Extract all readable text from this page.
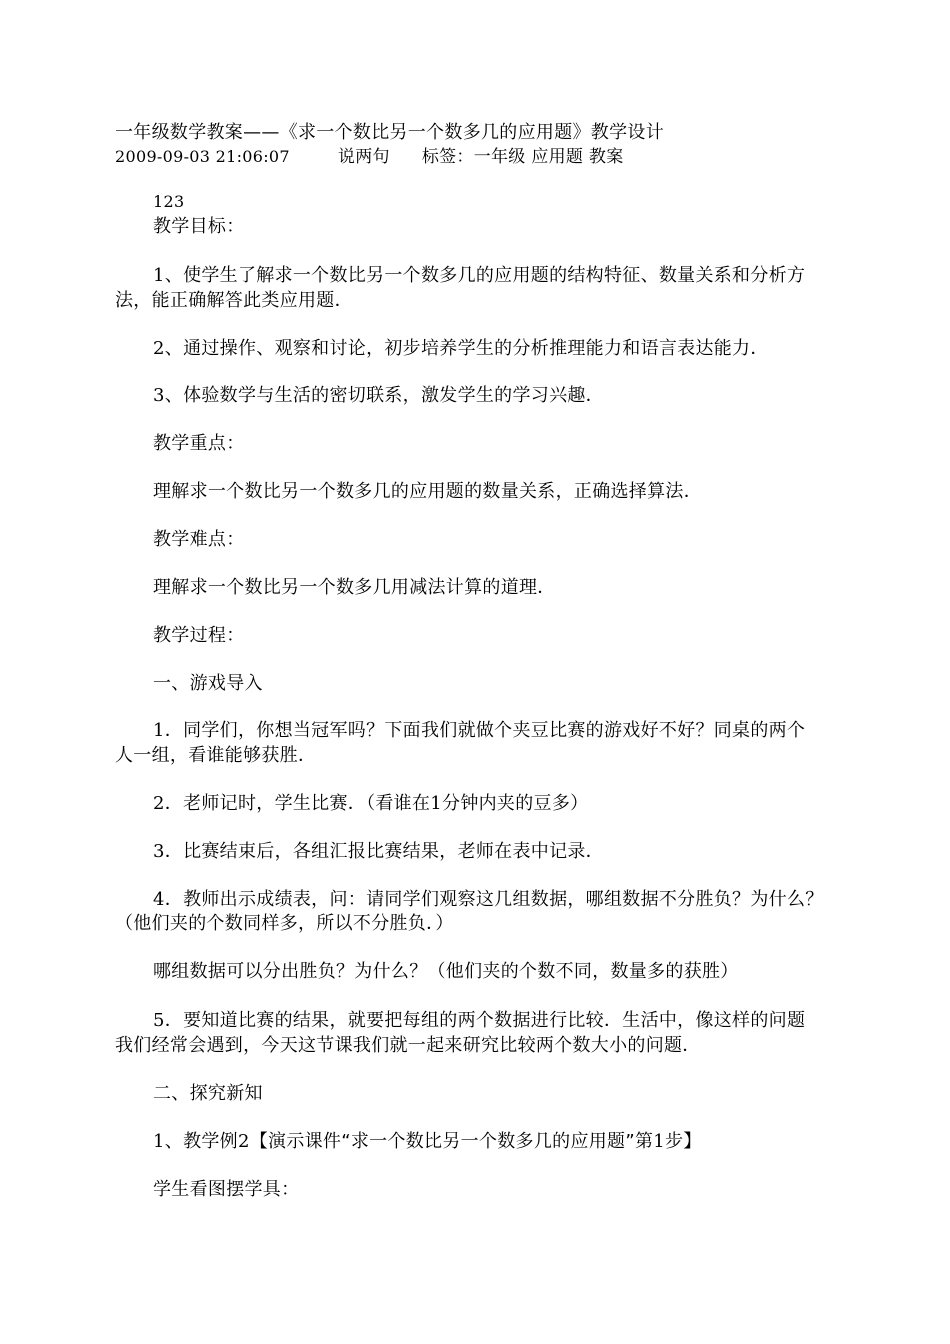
一年级数学教案——《求一个数比另一个数多几的应用题》教学设计
2009-09-03 21:06:07	说两句 标签：一年级 应用题 教案
123
教学目标：
1、使学生了解求一个数比另一个数多几的应用题的结构特征、数量关系和分析方
法，能正确解答此类应用题．
2、通过操作、观察和讨论，初步培养学生的分析推理能力和语言表达能力．
3、体验数学与生活的密切联系，激发学生的学习兴趣．
教学重点：
理解求一个数比另一个数多几的应用题的数量关系，正确选择算法．
教学难点：
理解求一个数比另一个数多几用减法计算的道理．
教学过程：
一、游戏导入
1．同学们，你想当冠军吗？下面我们就做个夹豆比赛的游戏好不好？同桌的两个
人一组，看谁能够获胜．
2．老师记时，学生比赛．（看谁在1分钟内夹的豆多）
3．比赛结束后，各组汇报比赛结果，老师在表中记录．
4．教师出示成绩表，问：请同学们观察这几组数据，哪组数据不分胜负？为什么？
（他们夹的个数同样多，所以不分胜负．）
哪组数据可以分出胜负？为什么？（他们夹的个数不同，数量多的获胜）
5．要知道比赛的结果，就要把每组的两个数据进行比较．生活中，像这样的问题
我们经常会遇到，今天这节课我们就一起来研究比较两个数大小的问题．
二、探究新知
1、教学例2【演示课件“求一个数比另一个数多几的应用题”第1步】
学生看图摆学具：
